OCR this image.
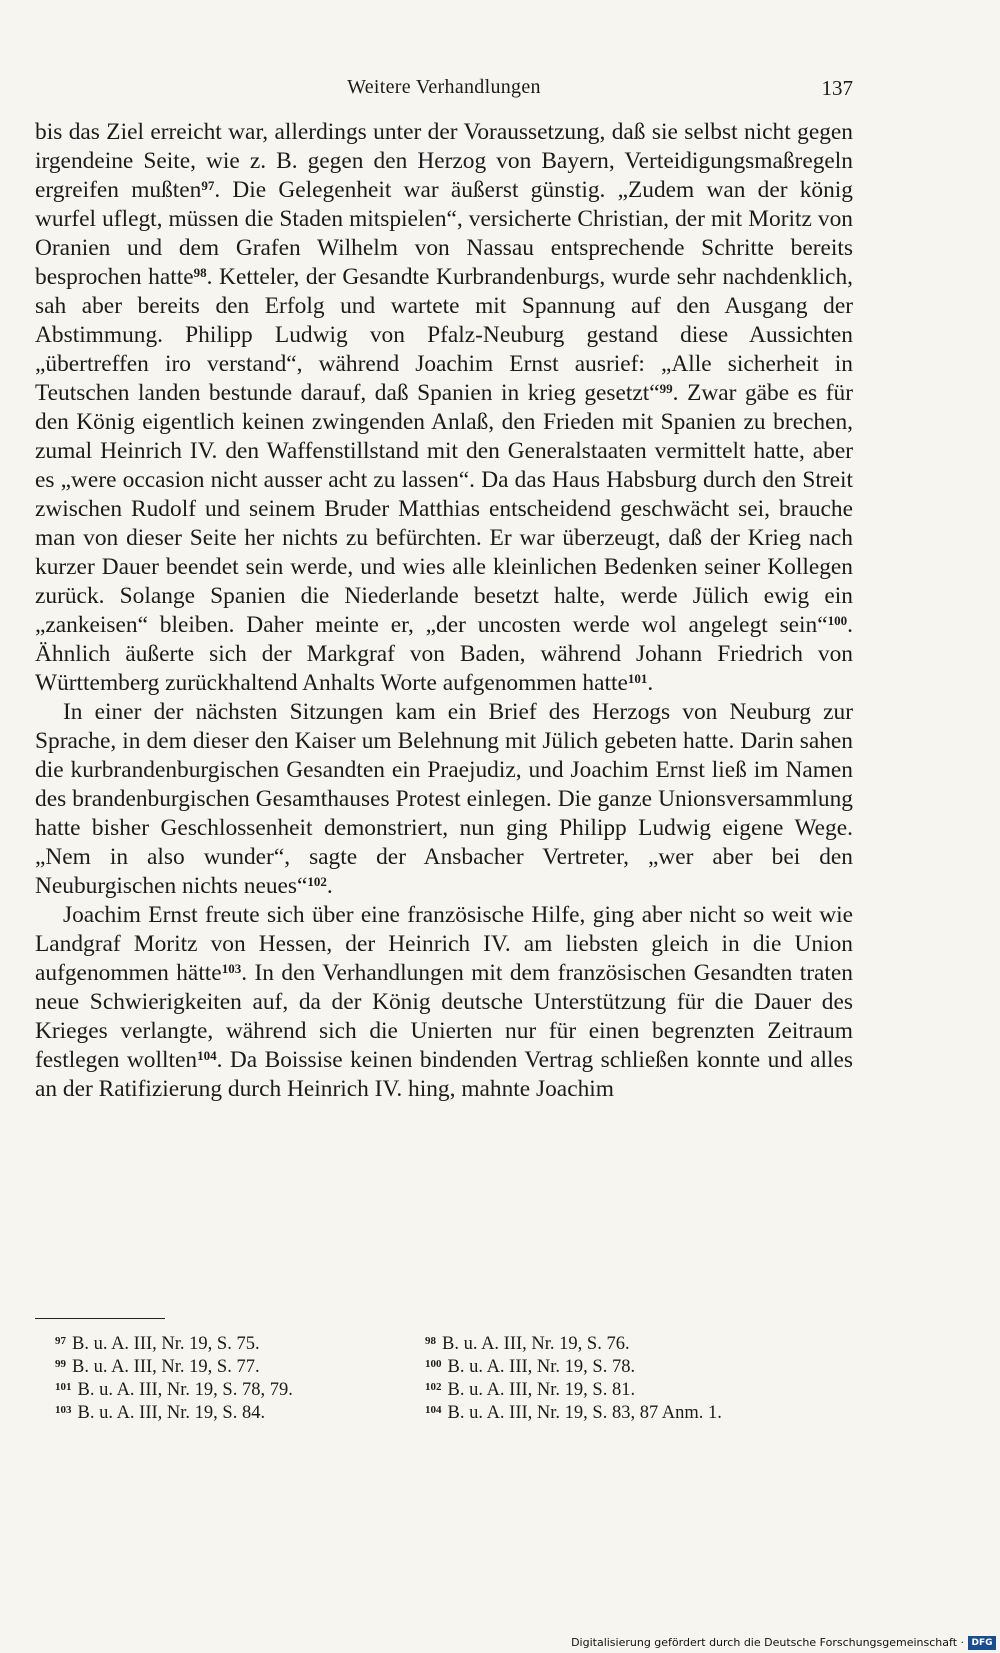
Weitere Verhandlungen	137

bis das Ziel erreicht war, allerdings unter der Voraussetzung, daß sie selbst nicht gegen irgendeine Seite, wie z. B. gegen den Herzog von Bayern, Verteidigungsmaßregeln ergreifen mußten$^{97}$. Die Gelegenheit war äußerst günstig. „Zudem wan der könig wurfel uflegt, müssen die Staden mitspielen“, versicherte Christian, der mit Moritz von Oranien und dem Grafen Wilhelm von Nassau entsprechende Schritte bereits besprochen hatte$^{98}$. Ketteler, der Gesandte Kurbrandenburgs, wurde sehr nachdenklich, sah aber bereits den Erfolg und wartete mit Spannung auf den Ausgang der Abstimmung. Philipp Ludwig von Pfalz-Neuburg gestand diese Aussichten „übertreffen iro verstand“, während Joachim Ernst ausrief: „Alle sicherheit in Teutschen landen bestunde darauf, daß Spanien in krieg gesetzt“$^{99}$. Zwar gäbe es für den König eigentlich keinen zwingenden Anlaß, den Frieden mit Spanien zu brechen, zumal Heinrich IV. den Waffenstillstand mit den Generalstaaten vermittelt hatte, aber es „were occasion nicht ausser acht zu lassen“. Da das Haus Habsburg durch den Streit zwischen Rudolf und seinem Bruder Matthias entscheidend geschwächt sei, brauche man von dieser Seite her nichts zu befürchten. Er war überzeugt, daß der Krieg nach kurzer Dauer beendet sein werde, und wies alle kleinlichen Bedenken seiner Kollegen zurück. Solange Spanien die Niederlande besetzt halte, werde Jülich ewig ein „zankeisen“ bleiben. Daher meinte er, „der uncosten werde wol angelegt sein“$^{100}$. Ähnlich äußerte sich der Markgraf von Baden, während Johann Friedrich von Württemberg zurückhaltend Anhalts Worte aufgenommen hatte$^{101}$.

In einer der nächsten Sitzungen kam ein Brief des Herzogs von Neuburg zur Sprache, in dem dieser den Kaiser um Belehnung mit Jülich gebeten hatte. Darin sahen die kurbrandenburgischen Gesandten ein Praejudiz, und Joachim Ernst ließ im Namen des brandenburgischen Gesamthauses Protest einlegen. Die ganze Unionsversammlung hatte bisher Geschlossenheit demonstriert, nun ging Philipp Ludwig eigene Wege. „Nem in also wunder“, sagte der Ansbacher Vertreter, „wer aber bei den Neuburgischen nichts neues“$^{102}$.

Joachim Ernst freute sich über eine französische Hilfe, ging aber nicht so weit wie Landgraf Moritz von Hessen, der Heinrich IV. am liebsten gleich in die Union aufgenommen hätte$^{103}$. In den Verhandlungen mit dem französischen Gesandten traten neue Schwierigkeiten auf, da der König deutsche Unterstützung für die Dauer des Krieges verlangte, während sich die Unierten nur für einen begrenzten Zeitraum festlegen wollten$^{104}$. Da Boissise keinen bindenden Vertrag schließen konnte und alles an der Ratifizierung durch Heinrich IV. hing, mahnte Joachim

$^{97}$ B. u. A. III, Nr. 19, S. 75.	$^{98}$ B. u. A. III, Nr. 19, S. 76.
$^{99}$ B. u. A. III, Nr. 19, S. 77.	$^{100}$ B. u. A. III, Nr. 19, S. 78.
$^{101}$ B. u. A. III, Nr. 19, S. 78, 79.	$^{102}$ B. u. A. III, Nr. 19, S. 81.
$^{103}$ B. u. A. III, Nr. 19, S. 84.	$^{104}$ B. u. A. III, Nr. 19, S. 83, 87 Anm. 1.
Digitalisierung gefördert durch die Deutsche Forschungsgemeinschaft · DFG
